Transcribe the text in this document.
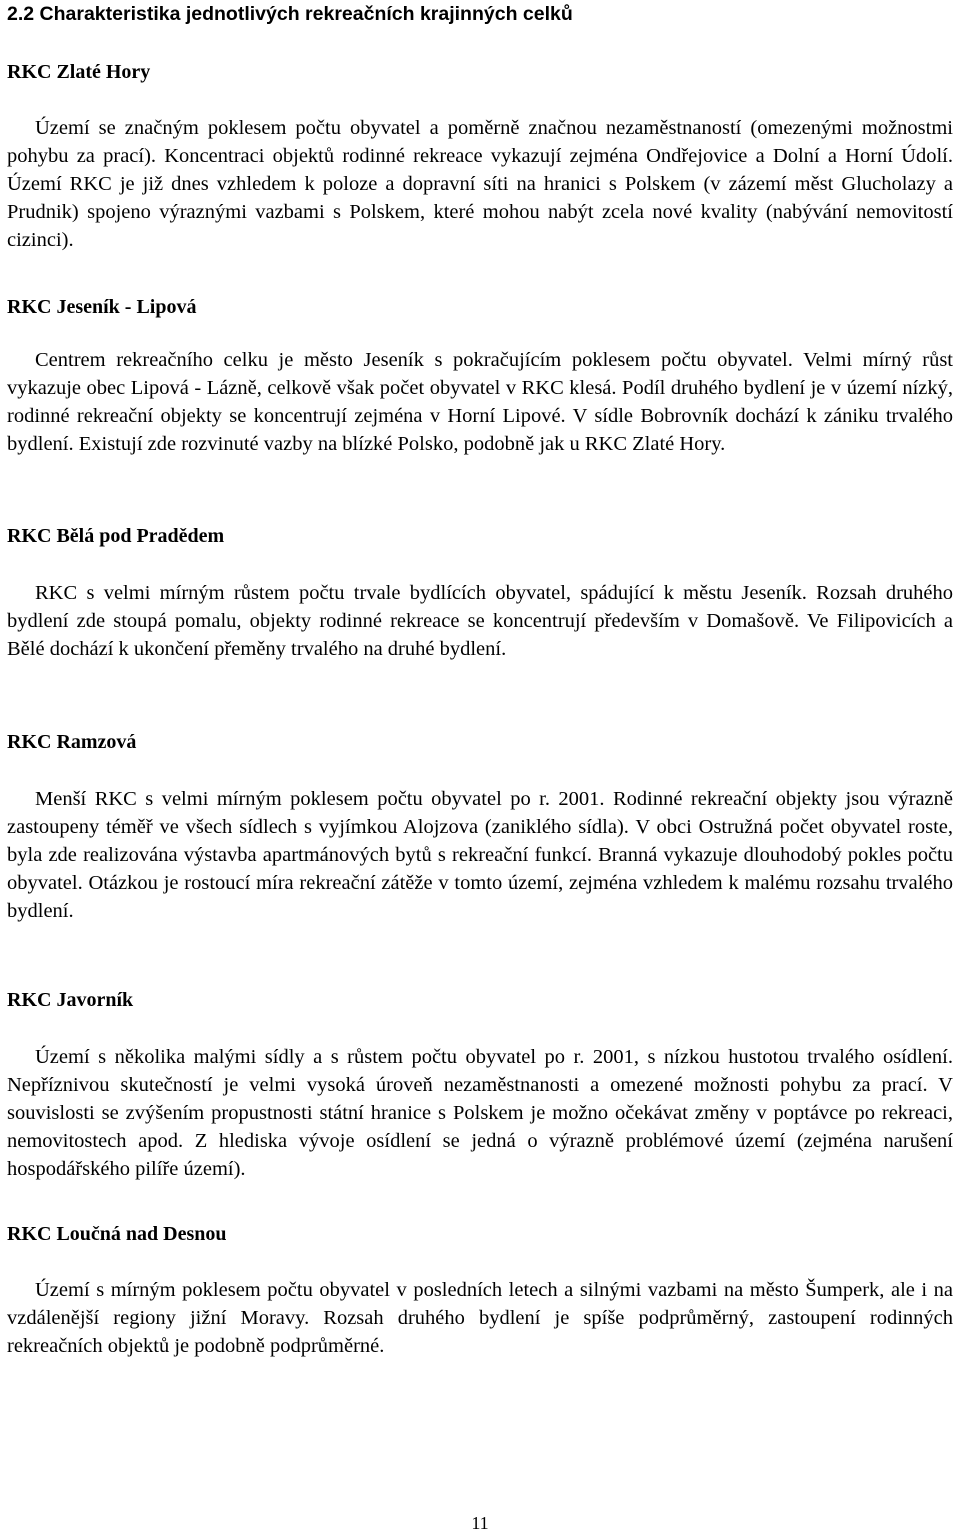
2.2 Charakteristika jednotlivých rekreačních krajinných celků
RKC Zlaté Hory
Území se značným poklesem počtu obyvatel a poměrně značnou nezaměstnaností (omezenými možnostmi pohybu za prací). Koncentraci objektů rodinné rekreace vykazují zejména Ondřejovice a Dolní a Horní Údolí. Území RKC je již dnes vzhledem k poloze a dopravní síti na hranici s Polskem (v zázemí měst Glucholazy a Prudnik) spojeno výraznými vazbami s Polskem, které mohou nabýt zcela nové kvality (nabývání nemovitostí cizinci).
RKC Jeseník - Lipová
Centrem rekreačního celku je město Jeseník s pokračujícím poklesem počtu obyvatel. Velmi mírný růst vykazuje obec Lipová - Lázně, celkově však počet obyvatel v RKC klesá. Podíl druhého bydlení je v území nízký, rodinné rekreační objekty se koncentrují zejména v Horní Lipové. V sídle Bobrovník dochází k zániku trvalého bydlení. Existují zde rozvinuté vazby na blízké Polsko, podobně jak u RKC Zlaté Hory.
RKC Bělá pod Pradědem
RKC s velmi mírným růstem počtu trvale bydlících obyvatel, spádující k městu Jeseník. Rozsah druhého bydlení zde stoupá pomalu, objekty rodinné rekreace se koncentrují především v Domašově. Ve Filipovicích a Bělé dochází k ukončení přeměny trvalého na druhé bydlení.
RKC Ramzová
Menší RKC s velmi mírným poklesem počtu obyvatel po r. 2001. Rodinné rekreační objekty jsou výrazně zastoupeny téměř ve všech sídlech s vyjímkou Alojzova (zaniklého sídla). V obci Ostružná počet obyvatel roste, byla zde realizována výstavba apartmánových bytů s rekreační funkcí. Branná vykazuje dlouhodobý pokles počtu obyvatel. Otázkou je rostoucí míra rekreační zátěže v tomto území, zejména vzhledem k malému rozsahu trvalého bydlení.
RKC Javorník
Území s několika malými sídly a s růstem počtu obyvatel po r. 2001, s nízkou hustotou trvalého osídlení. Nepříznivou skutečností je velmi vysoká úroveň nezaměstnanosti a omezené možnosti pohybu za prací. V souvislosti se zvýšením propustnosti státní hranice s Polskem je možno očekávat změny v poptávce po rekreaci, nemovitostech apod. Z hlediska vývoje osídlení se jedná o výrazně problémové území (zejména narušení hospodářského pilíře území).
RKC Loučná nad Desnou
Území s mírným poklesem počtu obyvatel v posledních letech a silnými vazbami na město Šumperk, ale i na vzdálenější regiony jižní Moravy. Rozsah druhého bydlení je spíše podprůměrný, zastoupení rodinných rekreačních objektů je podobně podprůměrné.
11
